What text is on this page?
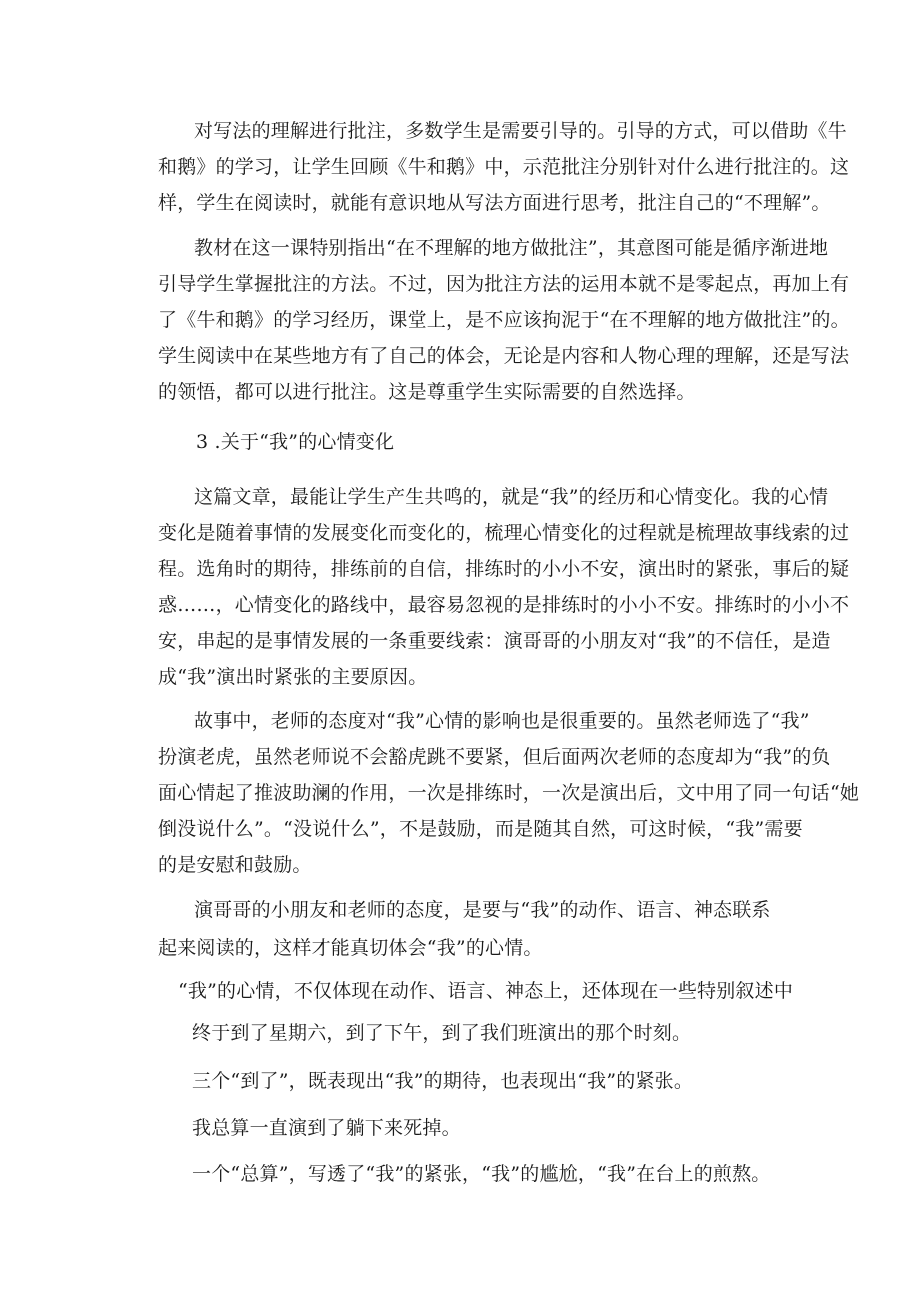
对写法的理解进行批注，多数学生是需要引导的。引导的方式，可以借助《牛
和鹅》的学习，让学生回顾《牛和鹅》中，示范批注分别针对什么进行批注的。这
样，学生在阅读时，就能有意识地从写法方面进行思考，批注自己的“不理解”。
教材在这一课特别指出“在不理解的地方做批注”，其意图可能是循序渐进地
引导学生掌握批注的方法。不过，因为批注方法的运用本就不是零起点，再加上有
了《牛和鹅》的学习经历，课堂上，是不应该拘泥于“在不理解的地方做批注”的。
学生阅读中在某些地方有了自己的体会，无论是内容和人物心理的理解，还是写法
的领悟，都可以进行批注。这是尊重学生实际需要的自然选择。
3 .关于“我”的心情变化
这篇文章，最能让学生产生共鸣的，就是“我”的经历和心情变化。我的心情
变化是随着事情的发展变化而变化的，梳理心情变化的过程就是梳理故事线索的过
程。选角时的期待，排练前的自信，排练时的小小不安，演出时的紧张，事后的疑
惑……，心情变化的路线中，最容易忽视的是排练时的小小不安。排练时的小小不
安，串起的是事情发展的一条重要线索：演哥哥的小朋友对“我”的不信任，是造
成“我”演出时紧张的主要原因。
故事中，老师的态度对“我”心情的影响也是很重要的。虽然老师选了“我”
扮演老虎，虽然老师说不会豁虎跳不要紧，但后面两次老师的态度却为“我”的负
面心情起了推波助澜的作用，一次是排练时，一次是演出后，文中用了同一句话“她
倒没说什么”。“没说什么”，不是鼓励，而是随其自然，可这时候，“我”需要
的是安慰和鼓励。
演哥哥的小朋友和老师的态度，是要与“我”的动作、语言、神态联系
起来阅读的，这样才能真切体会“我”的心情。
“我”的心情，不仅体现在动作、语言、神态上，还体现在一些特别叙述中
终于到了星期六，到了下午，到了我们班演出的那个时刻。
三个“到了”，既表现出“我”的期待，也表现出“我”的紧张。
我总算一直演到了躺下来死掉。
一个“总算”，写透了“我”的紧张，“我”的尴尬，“我”在台上的煎熬。
